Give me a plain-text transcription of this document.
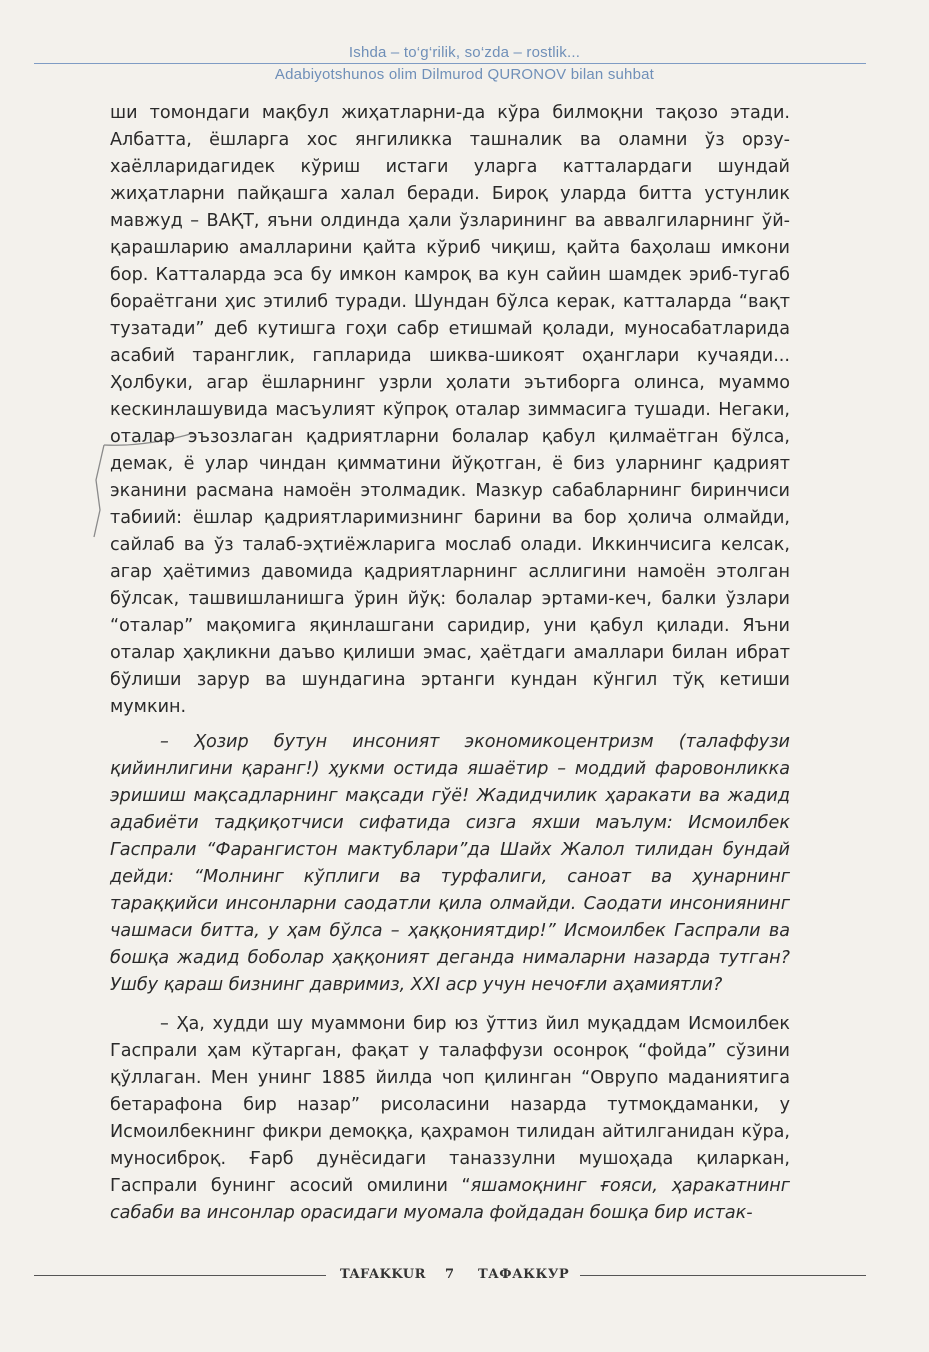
Ishda – to‘g‘rilik, so‘zda – rostlik...
Adabiyotshunos olim Dilmurod QURONOV bilan suhbat

ши томондаги мақбул жиҳатларни-да кўра билмоқни тақозо этади. Албатта, ёшларга хос янгиликка ташналик ва оламни ўз орзу-хаёлларидагидек кўриш истаги уларга катталардаги шундай жиҳатларни пайқашга халал беради. Бироқ уларда битта устунлик мавжуд – ВАҚТ, яъни олдинда ҳали ўзларининг ва аввалгиларнинг ўй-қарашларию амалларини қайта кўриб чиқиш, қайта баҳолаш имкони бор. Катталарда эса бу имкон камроқ ва кун сайин шамдек эриб-тугаб бораётгани ҳис этилиб туради. Шундан бўлса керак, катталарда “вақт тузатади” деб кутишга гоҳи сабр етишмай қолади, муносабатларида асабий таранглик, гапларида шиква-шикоят оҳанглари кучаяди... Ҳолбуки, агар ёшларнинг узрли ҳолати эътиборга олинса, муаммо кескинлашувида масъулият кўпроқ оталар зиммасига тушади. Негаки, оталар эъзозлаган қадриятларни болалар қабул қилмаётган бўлса, демак, ё улар чиндан қимматини йўқотган, ё биз уларнинг қадрият эканини расмана намоён этолмадик. Мазкур сабабларнинг биринчиси табиий: ёшлар қадриятларимизнинг барини ва бор ҳолича олмайди, сайлаб ва ўз талаб-эҳтиёжларига мослаб олади. Иккинчисига келсак, агар ҳаётимиз давомида қадриятларнинг асллигини намоён этолган бўлсак, ташвишланишга ўрин йўқ: болалар эртами-кеч, балки ўзлари “оталар” мақомига яқинлашгани саридир, уни қабул қилади. Яъни оталар ҳақликни даъво қилиши эмас, ҳаётдаги амаллари билан ибрат бўлиши зарур ва шундагина эртанги кундан кўнгил тўқ кетиши мумкин.

– Ҳозир бутун инсоният экономикоцентризм (талаффузи қийинлигини қаранг!) ҳукми остида яшаётир – моддий фаровонликка эришиш мақсадларнинг мақсади гўё! Жадидчилик ҳаракати ва жадид адабиёти тадқиқотчиси сифатида сизга яхши маълум: Исмоилбек Гаспрали “Фарангистон мактублари”да Шайх Жалол тилидан бундай дейди: “Молнинг кўплиги ва турфалиги, саноат ва ҳунарнинг тараққийси инсонларни саодатли қила олмайди. Саодати инсониянинг чашмаси битта, у ҳам бўлса – ҳаққониятдир!” Исмоилбек Гаспрали ва бошқа жадид боболар ҳаққоният деганда нималарни назарда тутган? Ушбу қараш бизнинг давримиз, XXI аср учун нечоғли аҳамиятли?

– Ҳа, худди шу муаммони бир юз ўттиз йил муқаддам Исмоилбек Гаспрали ҳам кўтарган, фақат у талаффузи осонроқ “фойда” сўзини қўллаган. Мен унинг 1885 йилда чоп қилинган “Оврупо маданиятига бетарафона бир назар” рисоласини назарда тутмоқдаманки, у Исмоилбекнинг фикри демоққа, қаҳрамон тилидан айтилганидан кўра, муносиброқ. Ғарб дунёсидаги таназзулни мушоҳада қиларкан, Гаспрали бунинг асосий омилини “яшамоқнинг ғояси, ҳаракатнинг сабаби ва инсонлар орасидаги муомала фойдадан бошқа бир истак-

TAFAKKUR 7 ТАФАККУР
